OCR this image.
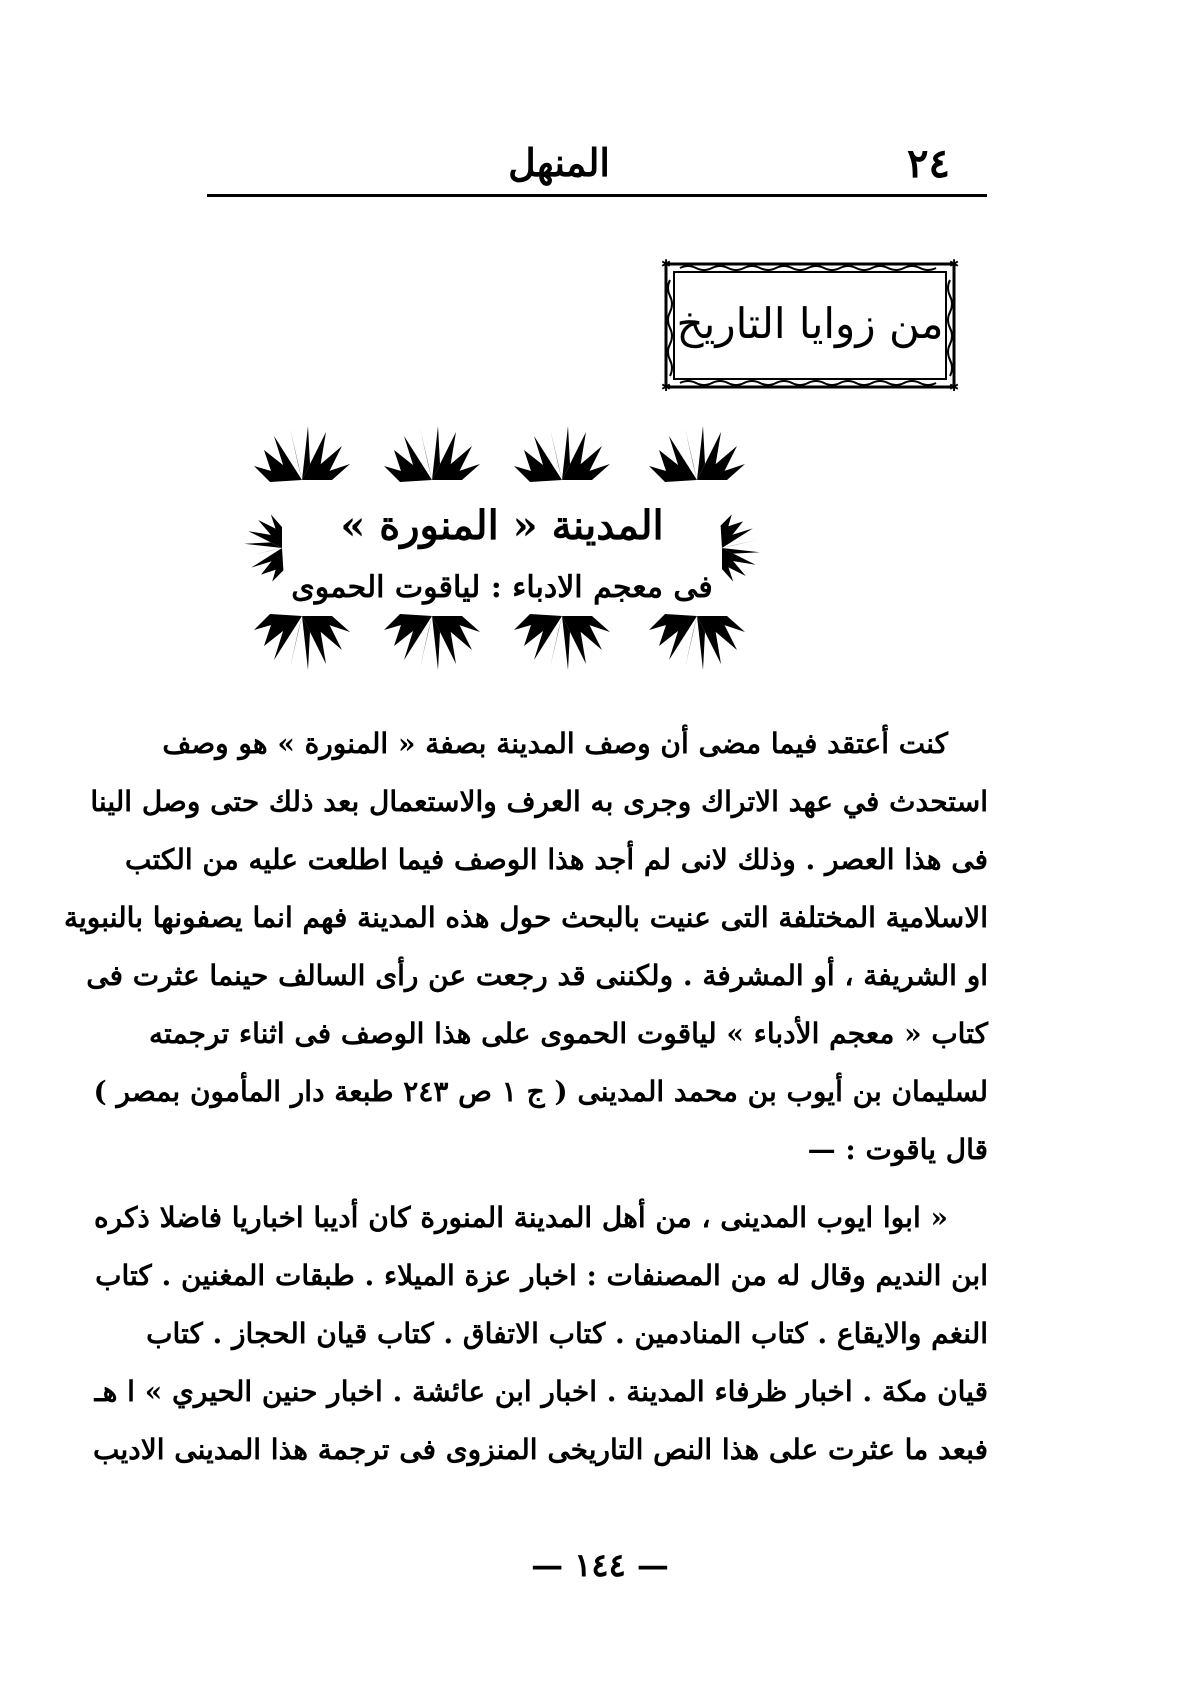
٢٤
المنهل
✱	✱
✱	✱
من زوايا التاريخ
المدينة « المنورة »
فى معجم الادباء : لياقوت الحموى
كنت أعتقد فيما مضى أن وصف المدينة بصفة « المنورة » هو وصف
استحدث في عهد الاتراك وجرى به العرف والاستعمال بعد ذلك حتى وصل الينا
فى هذا العصر . وذلك لانى لم أجد هذا الوصف فيما اطلعت عليه من الكتب
الاسلامية المختلفة التى عنيت بالبحث حول هذه المدينة فهم انما يصفونها بالنبوية
او الشريفة ، أو المشرفة . ولكننى قد رجعت عن رأى السالف حينما عثرت فى
كتاب « معجم الأدباء » لياقوت الحموى على هذا الوصف فى اثناء ترجمته
لسليمان بن أيوب بن محمد المدينى ( ج ١ ص ٢٤٣ طبعة دار المأمون بمصر )
قال ياقوت : —
« ابوا ايوب المدينى ، من أهل المدينة المنورة كان أديبا اخباريا فاضلا ذكره
ابن النديم وقال له من المصنفات : اخبار عزة الميلاء . طبقات المغنين . كتاب
النغم والايقاع . كتاب المنادمين . كتاب الاتفاق . كتاب قيان الحجاز . كتاب
قيان مكة . اخبار ظرفاء المدينة . اخبار ابن عائشة . اخبار حنين الحيري » ا هـ
فبعد ما عثرت على هذا النص التاريخى المنزوى فى ترجمة هذا المدينى الاديب
— ١٤٤ —
